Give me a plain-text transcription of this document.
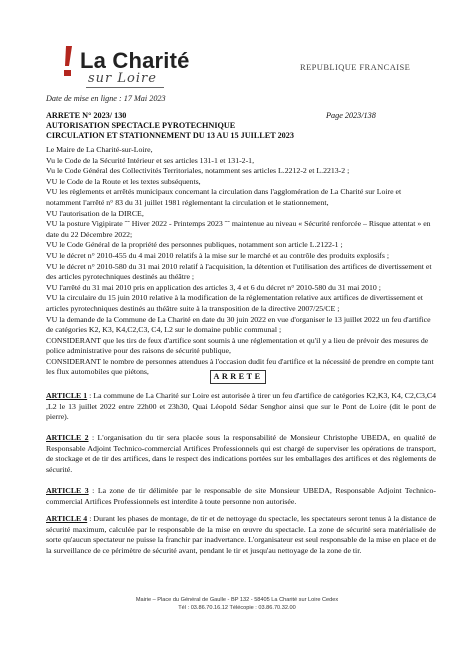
La Charité
sur Loire
REPUBLIQUE FRANCAISE
Date de mise en ligne : 17 Mai 2023
ARRETE N° 2023/ 130	Page 2023/138
AUTORISATION SPECTACLE PYROTECHNIQUE
CIRCULATION ET STATIONNEMENT DU 13 AU 15 JUILLET 2023
Le Maire de La Charité-sur-Loire,
Vu le Code de la Sécurité Intérieur et ses articles 131-1 et 131-2-1,
Vu le Code Général des Collectivités Territoriales, notamment ses articles L.2212-2 et L.2213-2 ;
VU le Code de la Route et les textes subséquents,
VU les règlements et arrêtés municipaux concernant la circulation dans l'agglomération de La Charité sur Loire et notamment l'arrêté n° 83 du 31 juillet 1981 réglementant la circulation et le stationnement,
VU l'autorisation de la DIRCE,
VU la posture Vigipirate ˆˆ Hiver 2022 - Printemps 2023 ˆˆ maintenue au niveau « Sécurité renforcée – Risque attentat » en date du 22 Décembre 2022;
VU le Code Général de la propriété des personnes publiques, notamment son article L.2122-1 ;
VU le décret n° 2010-455 du 4 mai 2010 relatifs à la mise sur le marché et au contrôle des produits explosifs ;
VU le décret n° 2010-580 du 31 mai 2010 relatif à l'acquisition, la détention et l'utilisation des artifices de divertissement et des articles pyrotechniques destinés au théâtre ;
VU l'arrêté du 31 mai 2010 pris en application des articles 3, 4 et 6 du décret n° 2010-580 du 31 mai 2010 ;
VU la circulaire du 15 juin 2010 relative à la modification de la réglementation relative aux artifices de divertissement et articles pyrotechniques destinés au théâtre suite à la transposition de la directive 2007/25/CE ;
VU la demande de la Commune de La Charité en date du 30 juin 2022 en vue d'organiser le 13 juillet 2022 un feu d'artifice de catégories K2, K3, K4,C2,C3, C4, L2 sur le domaine public communal ;
CONSIDERANT que les tirs de feux d'artifice sont soumis à une réglementation et qu'il y a lieu de prévoir des mesures de police administrative pour des raisons de sécurité publique,
CONSIDERANT le nombre de personnes attendues à l'occasion dudit feu d'artifice et la nécessité de prendre en compte tant les flux automobiles que piétons,
ARRETE
ARTICLE 1 : La commune de La Charité sur Loire est autorisée à tirer un feu d'artifice de catégories K2,K3, K4, C2,C3,C4 ,L2 le 13 juillet 2022 entre 22h00 et 23h30, Quai Léopold Sédar Senghor ainsi que sur le Pont de Loire (dit le pont de pierre).
ARTICLE 2 : L'organisation du tir sera placée sous la responsabilité de Monsieur Christophe UBEDA, en qualité de Responsable Adjoint Technico-commercial Artifices Professionnels qui est chargé de superviser les opérations de transport, de stockage et de tir des artifices, dans le respect des indications portées sur les emballages des artifices et des règlements de sécurité.
ARTICLE 3 : La zone de tir délimitée par le responsable de site Monsieur UBEDA, Responsable Adjoint Technico-commercial Artifices Professionnels est interdite à toute personne non autorisée.
ARTICLE 4 : Durant les phases de montage, de tir et de nettoyage du spectacle, les spectateurs seront tenus à la distance de sécurité maximum, calculée par le responsable de la mise en œuvre du spectacle. La zone de sécurité sera matérialisée de sorte qu'aucun spectateur ne puisse la franchir par inadvertance. L'organisateur est seul responsable de la mise en place et de la surveillance de ce périmètre de sécurité avant, pendant le tir et jusqu'au nettoyage de la zone de tir.
Mairie – Place du Général de Gaulle - BP 132 - 58405 La Charité sur Loire Cedex
Tél : 03.86.70.16.12 Télécopie : 03.86.70.32.00
